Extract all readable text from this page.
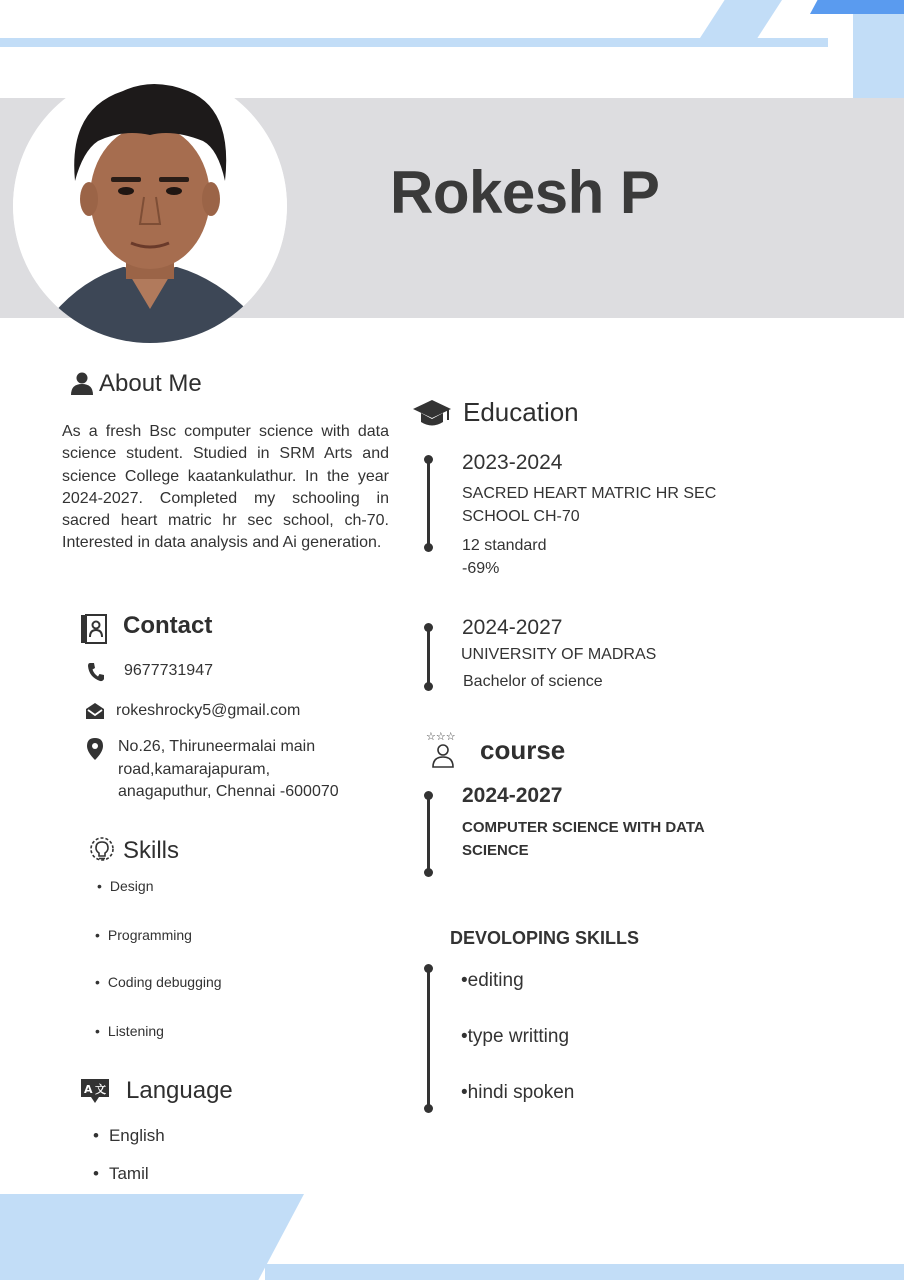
Rokesh P
About Me
As a fresh Bsc computer science with data science student. Studied in SRM Arts and science College kaatankulathur. In the year 2024-2027. Completed my schooling in sacred heart matric hr sec school, ch-70. Interested in data analysis and Ai generation.
Contact
9677731947
rokeshrocky5@gmail.com
No.26, Thiruneermalai main
road,kamarajapuram,
anagaputhur, Chennai -600070
Skills
• Design
• Programming
• Coding debugging
• Listening
A 文 Language
• English
• Tamil
Education
2023-2024
SACRED HEART MATRIC HR SEC
SCHOOL CH-70
12 standard
-69%
2024-2027
UNIVERSITY OF MADRAS
Bachelor of science
☆☆☆ course
2024-2027
COMPUTER SCIENCE WITH DATA
SCIENCE
DEVOLOPING SKILLS
•editing
•type writting
•hindi spoken
